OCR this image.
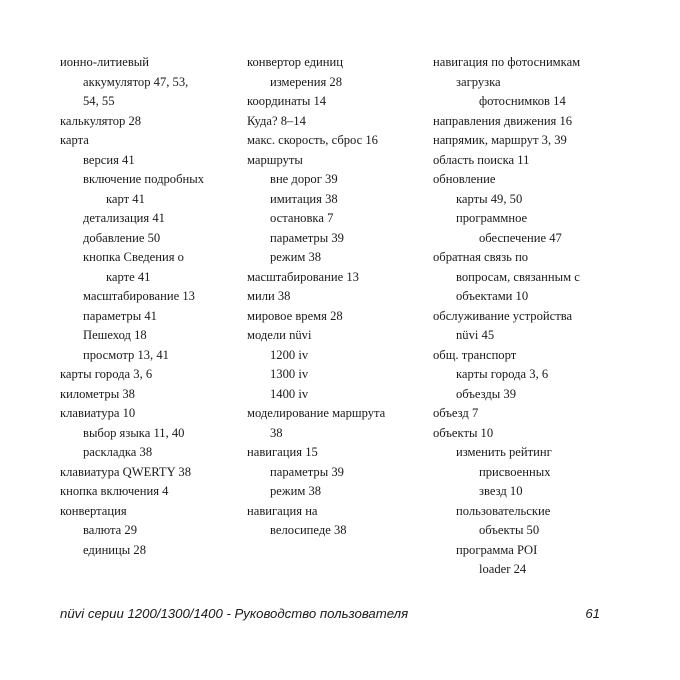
ионно-литиевый
аккумулятор 47, 53,
54, 55
калькулятор 28
карта
версия 41
включение подробных
карт 41
детализация 41
добавление 50
кнопка Сведения о
карте 41
масштабирование 13
параметры 41
Пешеход 18
просмотр 13, 41
карты города 3, 6
километры 38
клавиатура 10
выбор языка 11, 40
раскладка 38
клавиатура QWERTY 38
кнопка включения 4
конвертация
валюта 29
единицы 28
конвертор единиц
измерения 28
координаты 14
Куда? 8–14
макс. скорость, сброс 16
маршруты
вне дорог 39
имитация 38
остановка 7
параметры 39
режим 38
масштабирование 13
мили 38
мировое время 28
модели nüvi
1200 iv
1300 iv
1400 iv
моделирование маршрута
38
навигация 15
параметры 39
режим 38
навигация на
велосипеде 38
навигация по фотоснимкам
загрузка
фотоснимков 14
направления движения 16
напрямик, маршрут 3, 39
область поиска 11
обновление
карты 49, 50
программное
обеспечение 47
обратная связь по
вопросам, связанным с
объектами 10
обслуживание устройства
nüvi 45
общ. транспорт
карты города 3, 6
объезды 39
объезд 7
объекты 10
изменить рейтинг
присвоенных
звезд 10
пользовательские
объекты 50
программа POI
loader 24
nüvi серии 1200/1300/1400 - Руководство пользователя	61
